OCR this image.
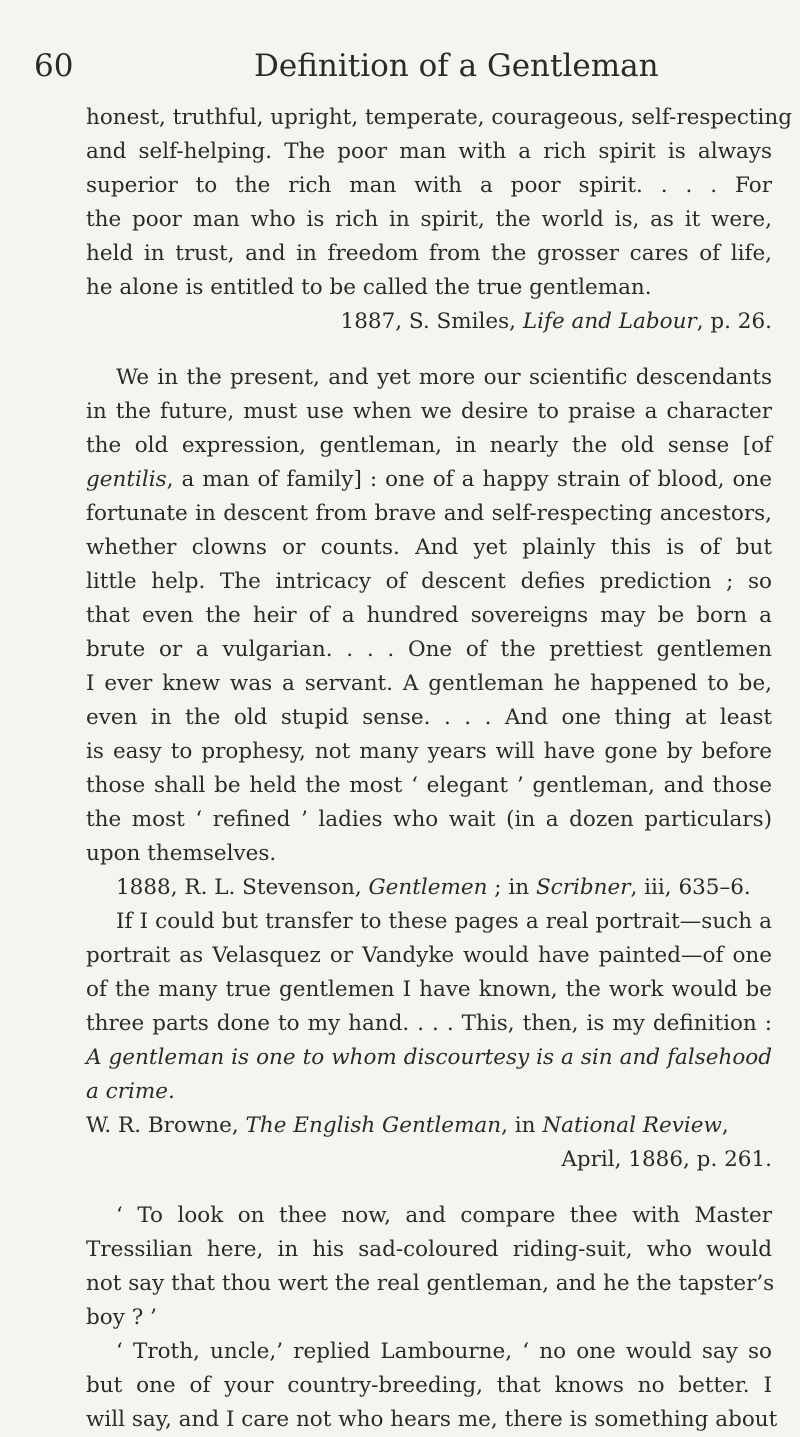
60	Definition of a Gentleman
honest, truthful, upright, temperate, courageous, self-respecting
and self-helping. The poor man with a rich spirit is always
superior to the rich man with a poor spirit. . . . For
the poor man who is rich in spirit, the world is, as it were,
held in trust, and in freedom from the grosser cares of life,
he alone is entitled to be called the true gentleman.
1887, S. Smiles, Life and Labour, p. 26.
We in the present, and yet more our scientific descendants
in the future, must use when we desire to praise a character
the old expression, gentleman, in nearly the old sense [of
gentilis, a man of family] : one of a happy strain of blood, one
fortunate in descent from brave and self-respecting ancestors,
whether clowns or counts. And yet plainly this is of but
little help. The intricacy of descent defies prediction ; so
that even the heir of a hundred sovereigns may be born a
brute or a vulgarian. . . . One of the prettiest gentlemen
I ever knew was a servant. A gentleman he happened to be,
even in the old stupid sense. . . . And one thing at least
is easy to prophesy, not many years will have gone by before
those shall be held the most ‘ elegant ’ gentleman, and those
the most ‘ refined ’ ladies who wait (in a dozen particulars)
upon themselves.
1888, R. L. Stevenson, Gentlemen ; in Scribner, iii, 635–6.
If I could but transfer to these pages a real portrait—such a
portrait as Velasquez or Vandyke would have painted—of one
of the many true gentlemen I have known, the work would be
three parts done to my hand. . . . This, then, is my definition :
A gentleman is one to whom discourtesy is a sin and falsehood
a crime.
W. R. Browne, The English Gentleman, in National Review,
April, 1886, p. 261.
‘ To look on thee now, and compare thee with Master
Tressilian here, in his sad-coloured riding-suit, who would
not say that thou wert the real gentleman, and he the tapster’s
boy ? ’
‘ Troth, uncle,’ replied Lambourne, ‘ no one would say so
but one of your country-breeding, that knows no better. I
will say, and I care not who hears me, there is something about
